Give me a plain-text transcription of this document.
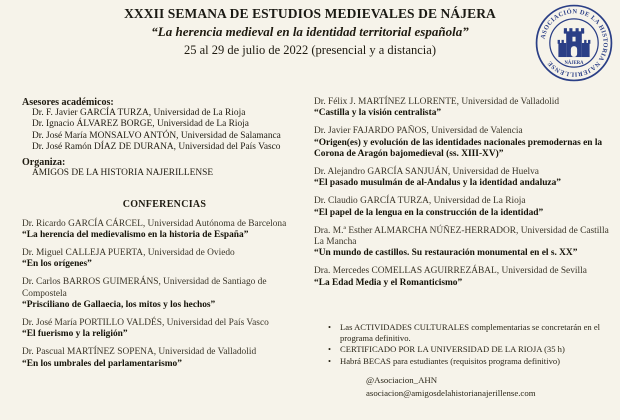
XXXII SEMANA DE ESTUDIOS MEDIEVALES DE NÁJERA
“La herencia medieval en la identidad territorial española”
25 al 29 de julio de 2022 (presencial y a distancia)
ASOCIACIÓN DE LA HISTORIA NAJERILLENSE	NÁJERA
Asesores académicos:
Dr. F. Javier GARCÍA TURZA, Universidad de La Rioja
Dr. Ignacio ÁLVAREZ BORGE, Universidad de La Rioja
Dr. José María MONSALVO ANTÓN, Universidad de Salamanca
Dr. José Ramón DÍAZ DE DURANA, Universidad del País Vasco
Organiza:
AMIGOS DE LA HISTORIA NAJERILLENSE
CONFERENCIAS
Dr. Ricardo GARCÍA CÁRCEL, Universidad Autónoma de Barcelona
“La herencia del medievalismo en la historia de España”
Dr. Miguel CALLEJA PUERTA, Universidad de Oviedo
“En los orígenes”
Dr. Carlos BARROS GUIMERÁNS, Universidad de Santiago de Compostela
“Prisciliano de Gallaecia, los mitos y los hechos”
Dr. José María PORTILLO VALDÉS, Universidad del País Vasco
“El fuerismo y la religión”
Dr. Pascual MARTÍNEZ SOPENA, Universidad de Valladolid
“En los umbrales del parlamentarismo”
Dr. Félix J. MARTÍNEZ LLORENTE, Universidad de Valladolid
“Castilla y la visión centralista”
Dr. Javier FAJARDO PAÑOS, Universidad de Valencia
“Origen(es) y evolución de las identidades nacionales premodernas en la Corona de Aragón bajomedieval (ss. XIII-XV)”
Dr. Alejandro GARCÍA SANJUÁN, Universidad de Huelva
“El pasado musulmán de al-Andalus y la identidad andaluza”
Dr. Claudio GARCÍA TURZA, Universidad de La Rioja
“El papel de la lengua en la construcción de la identidad”
Dra. M.ª Esther ALMARCHA NÚÑEZ-HERRADOR, Universidad de Castilla La Mancha
“Un mundo de castillos. Su restauración monumental en el s. XX”
Dra. Mercedes COMELLAS AGUIRREZÁBAL, Universidad de Sevilla
“La Edad Media y el Romanticismo”
• Las ACTIVIDADES CULTURALES complementarias se concretarán en el programa definitivo.
• CERTIFICADO POR LA UNIVERSIDAD DE LA RIOJA (35 h)
• Habrá BECAS para estudiantes (requisitos programa definitivo)
@Asociacion_AHN
asociacion@amigosdelahistorianajerillense.com
